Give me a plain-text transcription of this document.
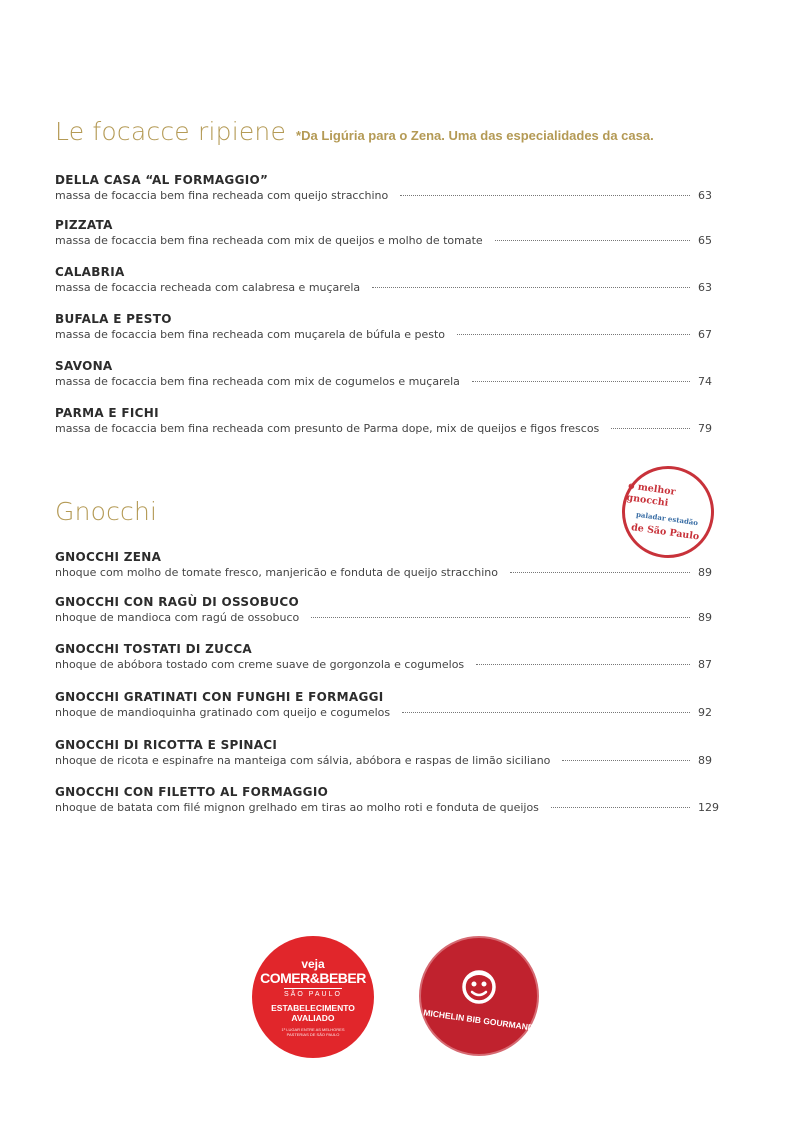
Le focacce ripiene *Da Ligúria para o Zena. Uma das especialidades da casa.
DELLA CASA “AL FORMAGGIO”
massa de focaccia bem fina recheada com queijo stracchino	63
PIZZATA
massa de focaccia bem fina recheada com mix de queijos e molho de tomate	65
CALABRIA
massa de focaccia recheada com calabresa e muçarela	63
BUFALA E PESTO
massa de focaccia bem fina recheada com muçarela de búfula e pesto	67
SAVONA
massa de focaccia bem fina recheada com mix de cogumelos e muçarela	74
PARMA E FICHI
massa de focaccia bem fina recheada com presunto de Parma dope, mix de queijos e figos frescos	79
Gnocchi
o melhor gnocchi
paladar estadão
de São Paulo
GNOCCHI ZENA
nhoque com molho de tomate fresco, manjericão e fonduta de queijo stracchino	89
GNOCCHI CON RAGÙ DI OSSOBUCO
nhoque de mandioca com ragú de ossobuco	89
GNOCCHI TOSTATI DI ZUCCA
nhoque de abóbora tostado com creme suave de gorgonzola e cogumelos	87
GNOCCHI GRATINATI CON FUNGHI E FORMAGGI
nhoque de mandioquinha gratinado com queijo e cogumelos	92
GNOCCHI DI RICOTTA E SPINACI
nhoque de ricota e espinafre na manteiga com sálvia, abóbora e raspas de limão siciliano	89
GNOCCHI CON FILETTO AL FORMAGGIO
nhoque de batata com filé mignon grelhado em tiras ao molho roti e fonduta de queijos	129
veja
COMER&BEBER
SÃO PAULO
ESTABELECIMENTO AVALIADO
1º LUGAR ENTRE AS MELHORES PASTERIAS DE SÃO PAULO
MICHELIN BIB GOURMAND
